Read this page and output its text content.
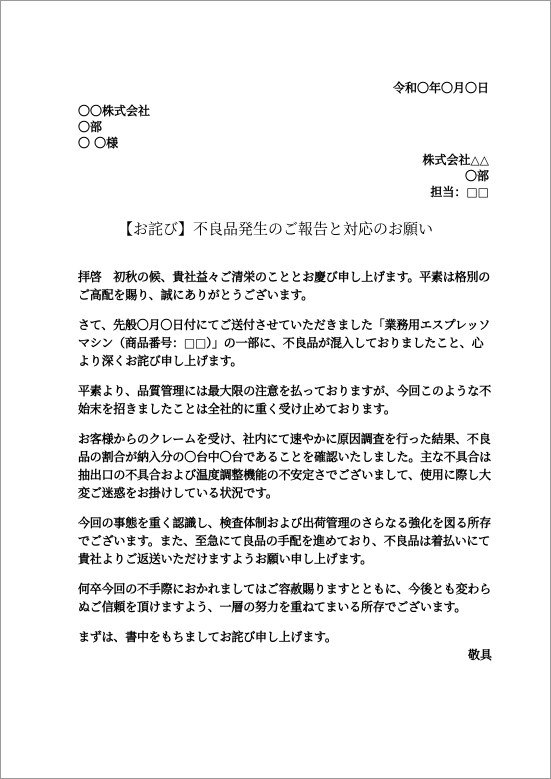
令和〇年〇月〇日
〇〇株式会社
〇部
〇 〇様
株式会社△△
〇部
担当：□□
【お詫び】不良品発生のご報告と対応のお願い

拝啓　初秋の候、貴社益々ご清栄のこととお慶び申し上げます。平素は格別のご高配を賜り、誠にありがとうございます。

さて、先般〇月〇日付にてご送付させていただきました「業務用エスプレッソマシン（商品番号：□□）」の一部に、不良品が混入しておりましたこと、心より深くお詫び申し上げます。

平素より、品質管理には最大限の注意を払っておりますが、今回このような不始末を招きましたことは全社的に重く受け止めております。

お客様からのクレームを受け、社内にて速やかに原因調査を行った結果、不良品の割合が納入分の〇台中〇台であることを確認いたしました。主な不具合は抽出口の不具合および温度調整機能の不安定さでございまして、使用に際し大変ご迷惑をお掛けしている状況です。

今回の事態を重く認識し、検査体制および出荷管理のさらなる強化を図る所存でございます。また、至急にて良品の手配を進めており、不良品は着払いにて貴社よりご返送いただけますようお願い申し上げます。

何卒今回の不手際におかれましてはご容赦賜りますとともに、今後とも変わらぬご信頼を頂けますよう、一層の努力を重ねてまいる所存でございます。

まずは、書中をもちましてお詫び申し上げます。

敬具
